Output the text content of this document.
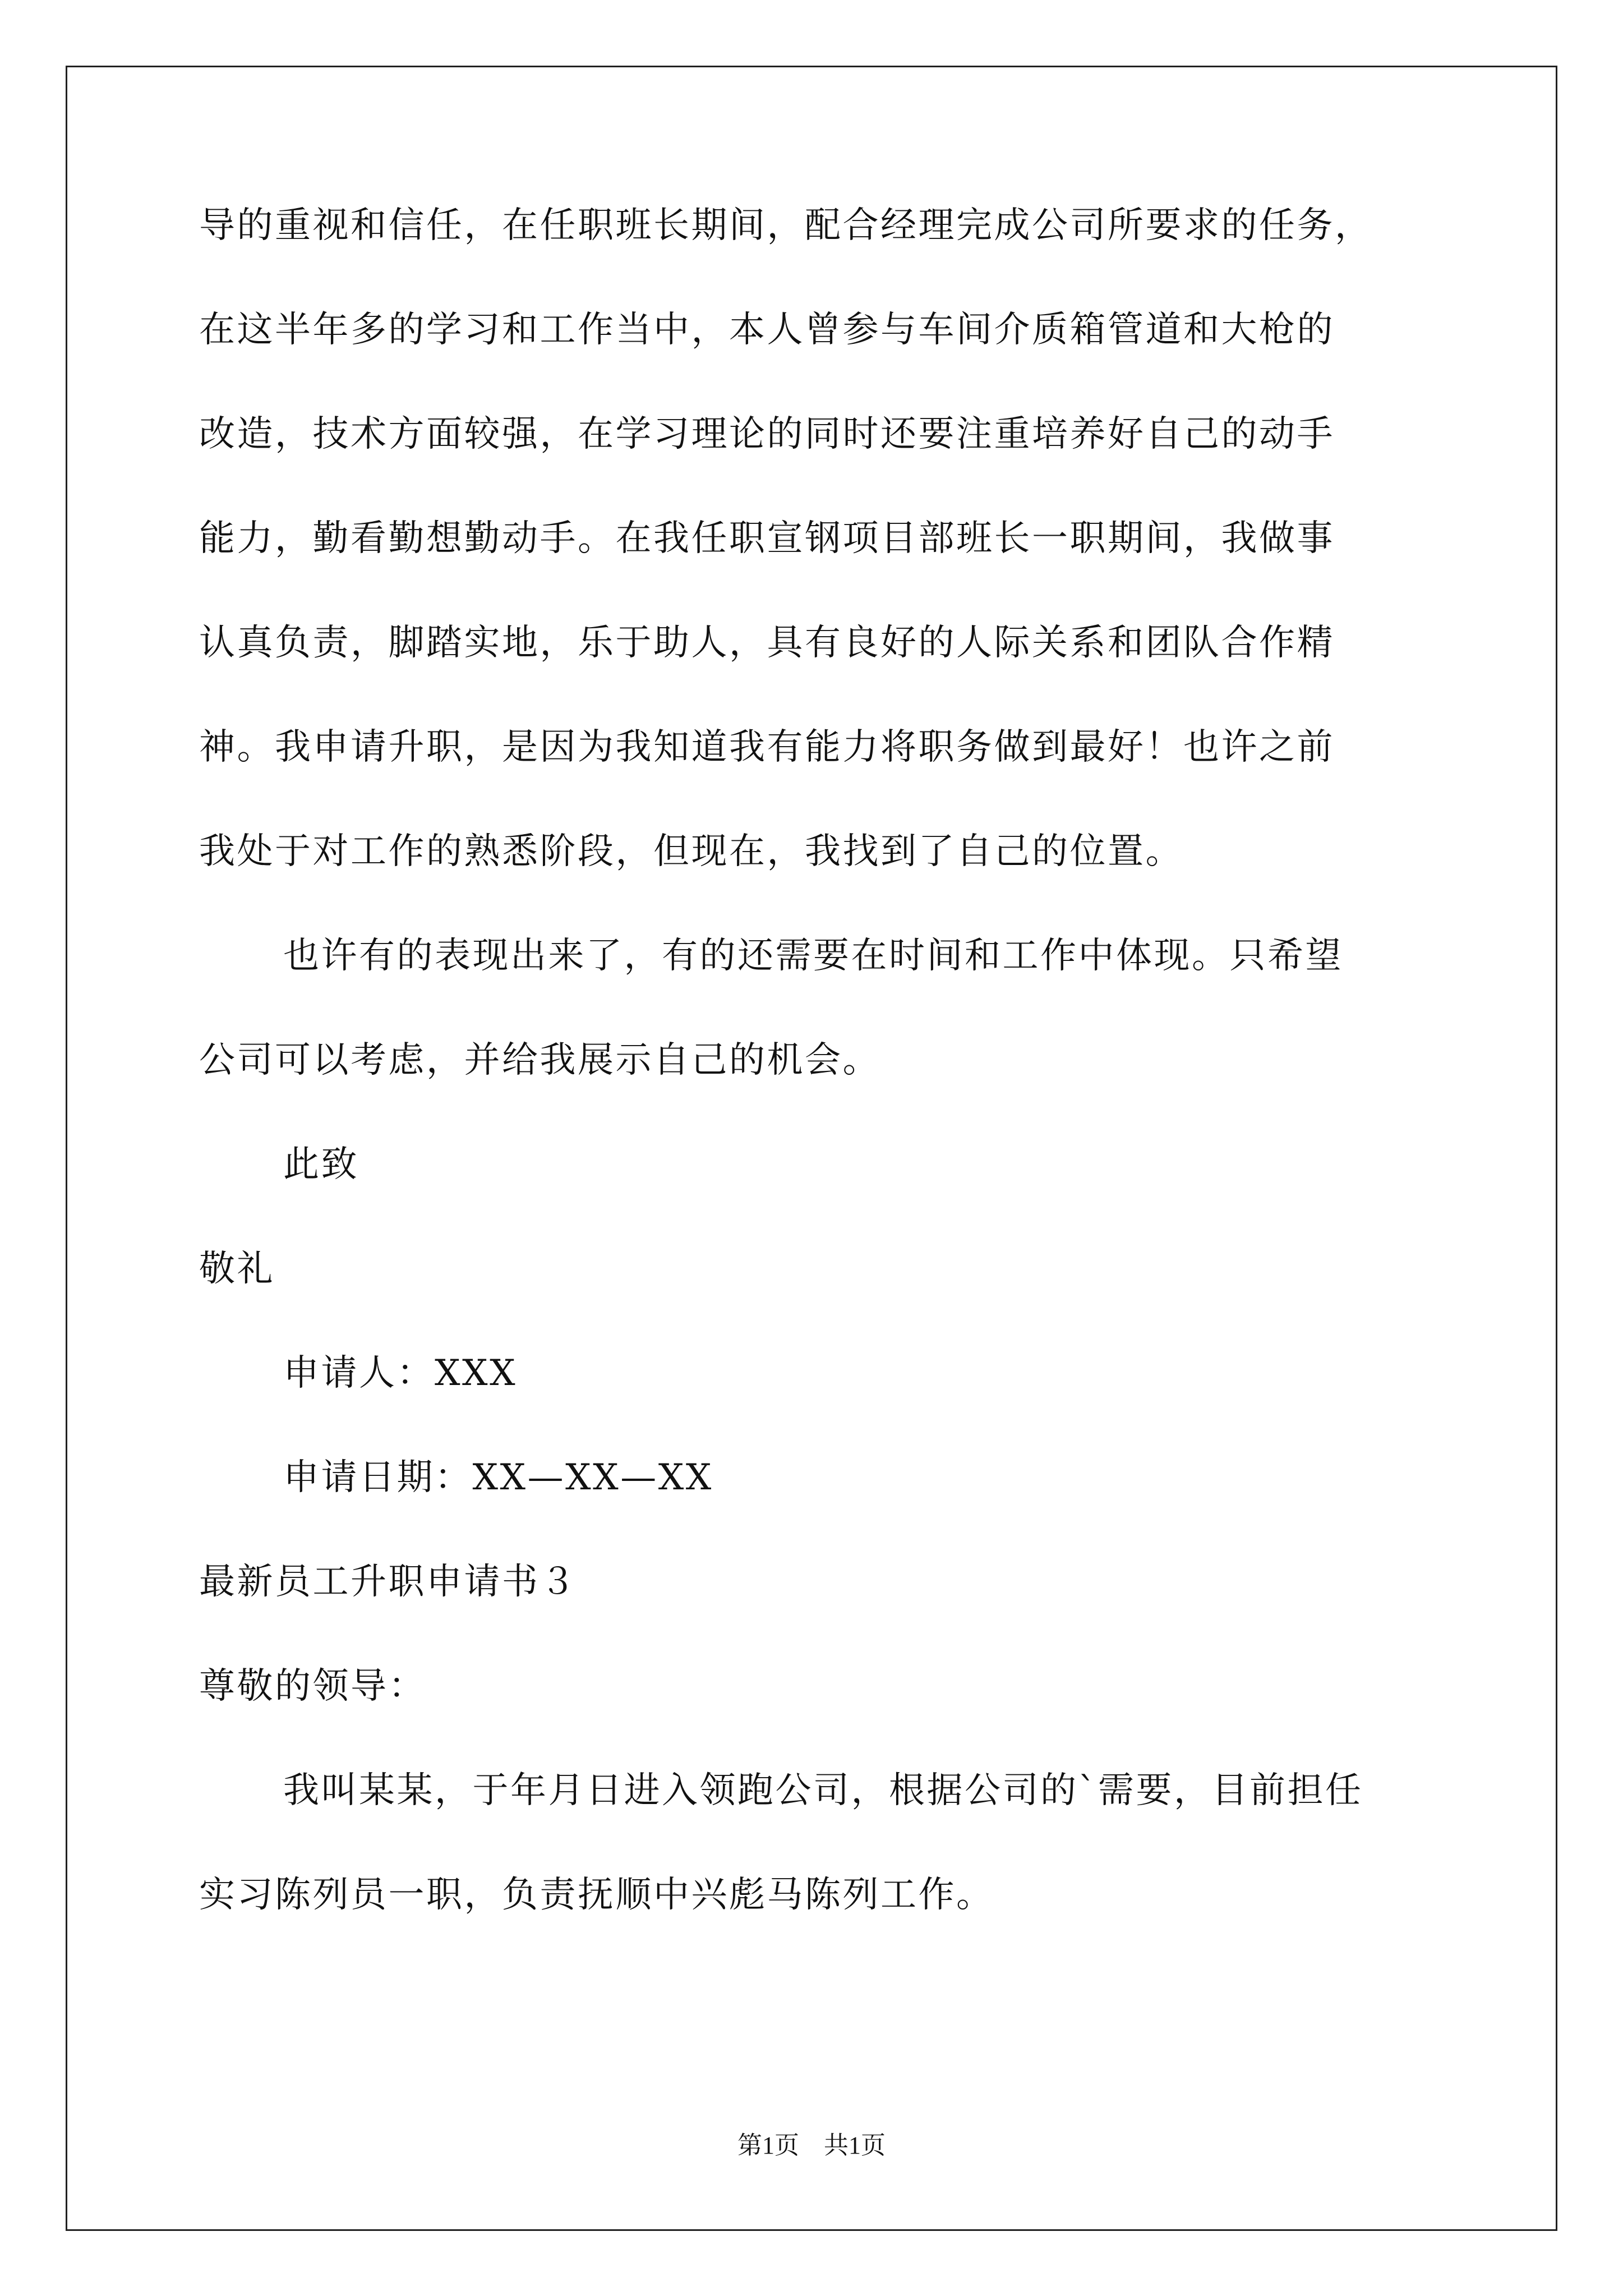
导的重视和信任，在任职班长期间，配合经理完成公司所要求的任务，
在这半年多的学习和工作当中，本人曾参与车间介质箱管道和大枪的
改造，技术方面较强，在学习理论的同时还要注重培养好自己的动手
能力，勤看勤想勤动手。在我任职宣钢项目部班长一职期间，我做事
认真负责，脚踏实地，乐于助人，具有良好的人际关系和团队合作精
神。我申请升职，是因为我知道我有能力将职务做到最好！也许之前
我处于对工作的熟悉阶段，但现在，我找到了自己的位置。
也许有的表现出来了，有的还需要在时间和工作中体现。只希望
公司可以考虑，并给我展示自己的机会。
此致
敬礼
申请人：XXX
申请日期：XX—XX—XX
最新员工升职申请书３
尊敬的领导：
我叫某某，于年月日进入领跑公司，根据公司的`需要，目前担任
实习陈列员一职，负责抚顺中兴彪马陈列工作。
第1页　共1页
